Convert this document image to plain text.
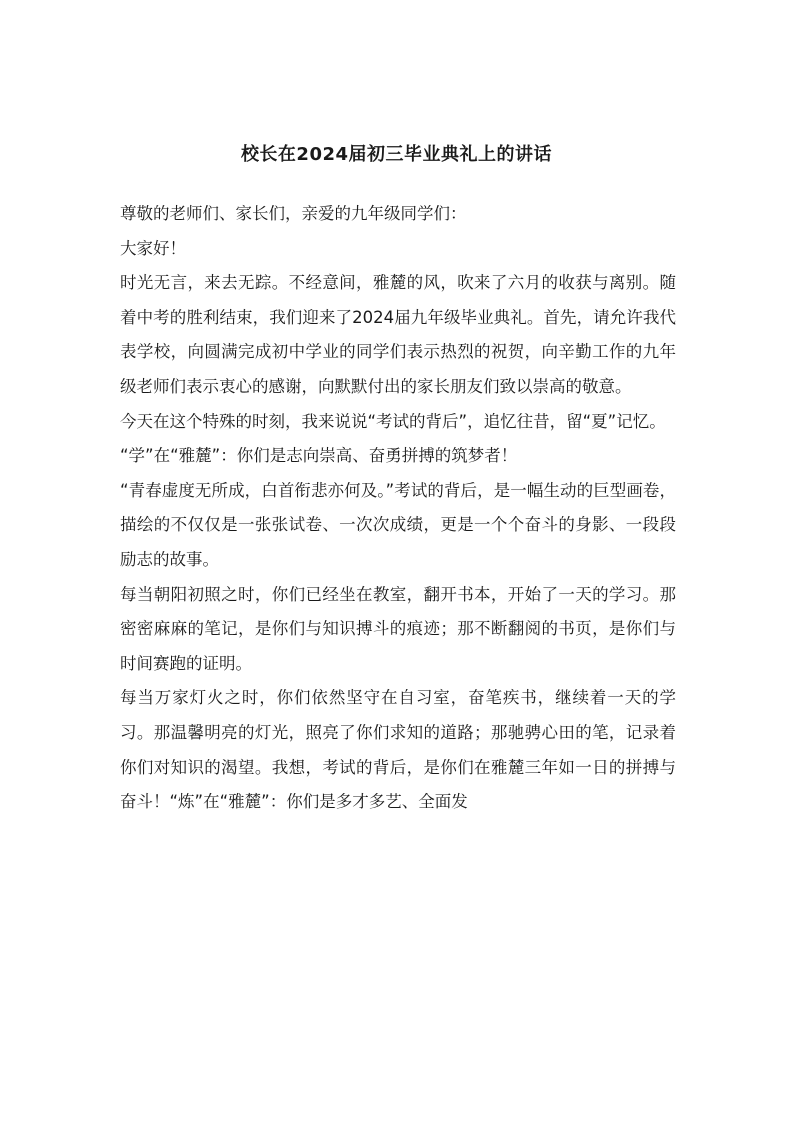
校长在2024届初三毕业典礼上的讲话

尊敬的老师们、家长们，亲爱的九年级同学们：

大家好！

时光无言，来去无踪。不经意间，雅麓的风，吹来了六月的收获与离别。随着中考的胜利结束，我们迎来了2024届九年级毕业典礼。首先，请允许我代表学校，向圆满完成初中学业的同学们表示热烈的祝贺，向辛勤工作的九年级老师们表示衷心的感谢，向默默付出的家长朋友们致以崇高的敬意。

今天在这个特殊的时刻，我来说说“考试的背后”，追忆往昔，留“夏”记忆。

“学”在“雅麓”：你们是志向崇高、奋勇拼搏的筑梦者！

“青春虚度无所成，白首衔悲亦何及。”考试的背后，是一幅生动的巨型画卷，描绘的不仅仅是一张张试卷、一次次成绩，更是一个个奋斗的身影、一段段励志的故事。

每当朝阳初照之时，你们已经坐在教室，翻开书本，开始了一天的学习。那密密麻麻的笔记，是你们与知识搏斗的痕迹；那不断翻阅的书页，是你们与时间赛跑的证明。

每当万家灯火之时，你们依然坚守在自习室，奋笔疾书，继续着一天的学习。那温馨明亮的灯光，照亮了你们求知的道路；那驰骋心田的笔，记录着你们对知识的渴望。我想，考试的背后，是你们在雅麓三年如一日的拼搏与奋斗！“炼”在“雅麓”：你们是多才多艺、全面发
